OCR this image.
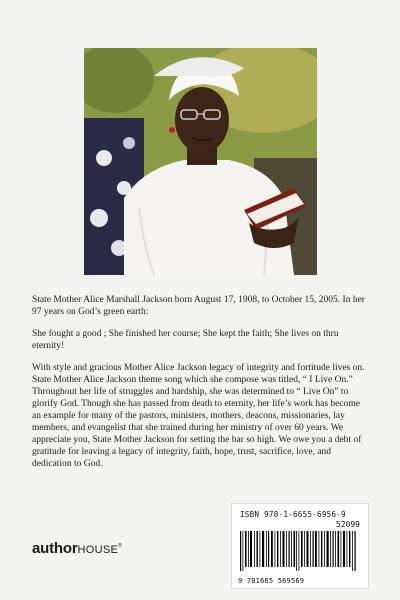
State Mother Alice Marshall Jackson born August 17, 1908, to October 15, 2005. In her 97 years on God’s green earth:

She fought a good ; She finished her course; She kept the faith; She lives on thru eternity!

With style and gracious Mother Alice Jackson legacy of integrity and fortitude lives on. State Mother Alice Jackson theme song which she compose was titled, “ I Live On.” Throughout her life of struggles and hardship, she was determined to “ Live On” to glorify God. Though she has passed from death to eternity, her life’s work has become an example for many of the pastors, ministers, mothers, deacons, missionaries, lay members, and evangelist that she trained during her ministry of over 60 years. We appreciate you, State Mother Jackson for setting the bar so high. We owe you a debt of gratitude for leaving a legacy of integrity, faith, hope, trust, sacrifice, love, and dedication to God.

ISBN 978-1-6655-6956-9
52099
9 781665 569569
authorHOUSE®
